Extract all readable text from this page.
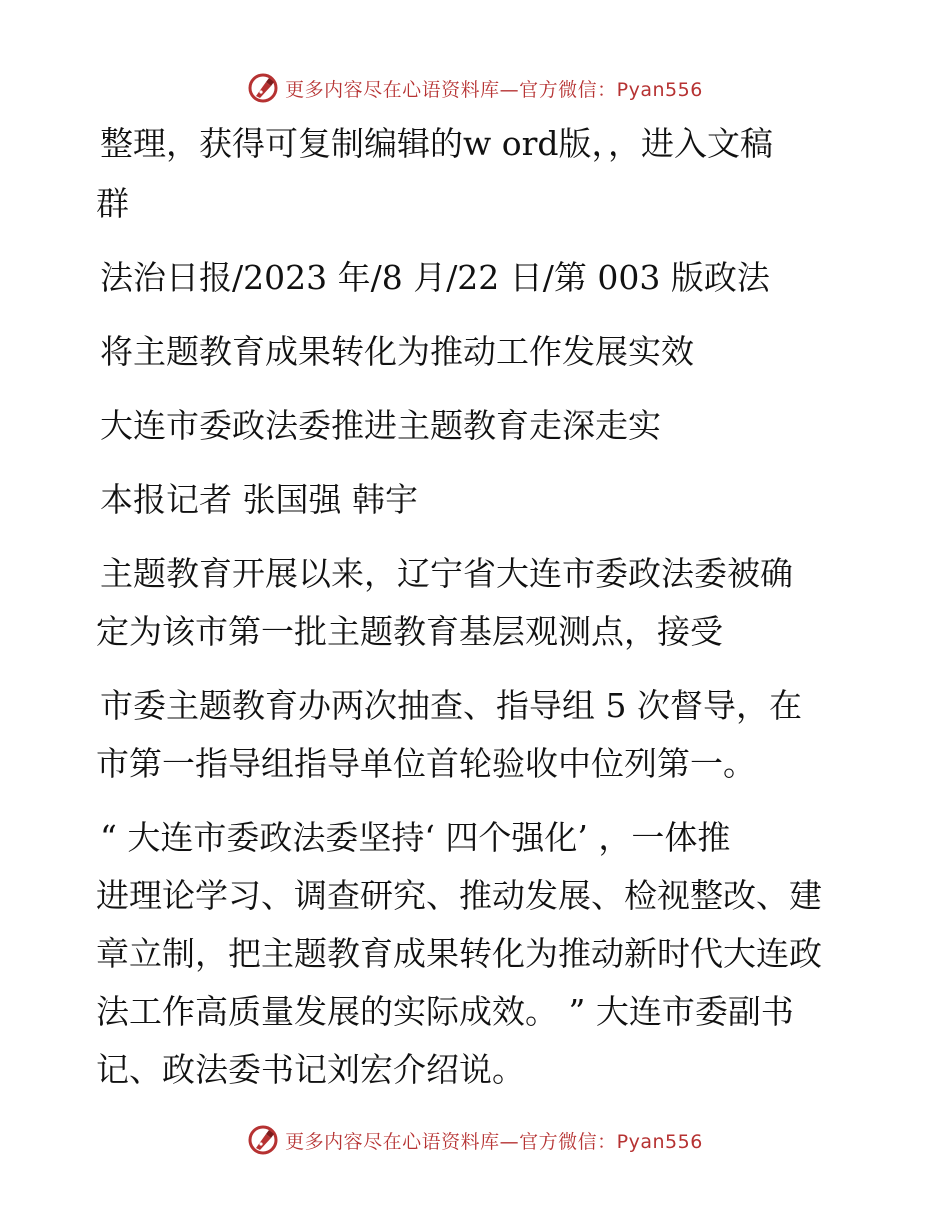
更多内容尽在心语资料库—官方微信：Pyan556
整理，获得可复制编辑的w ord版，，进入文稿
群
法治日报/2023 年/8 月/22 日/第 003 版政法
将主题教育成果转化为推动工作发展实效
大连市委政法委推进主题教育走深走实
本报记者 张国强 韩宇
主题教育开展以来，辽宁省大连市委政法委被确
定为该市第一批主题教育基层观测点，接受
市委主题教育办两次抽查、指导组 5 次督导，在
市第一指导组指导单位首轮验收中位列第一。
“ 大连市委政法委坚持‘ 四个强化’ ，一体推
进理论学习、调查研究、推动发展、检视整改、建
章立制，把主题教育成果转化为推动新时代大连政
法工作高质量发展的实际成效。 ” 大连市委副书
记、政法委书记刘宏介绍说。
更多内容尽在心语资料库—官方微信：Pyan556
